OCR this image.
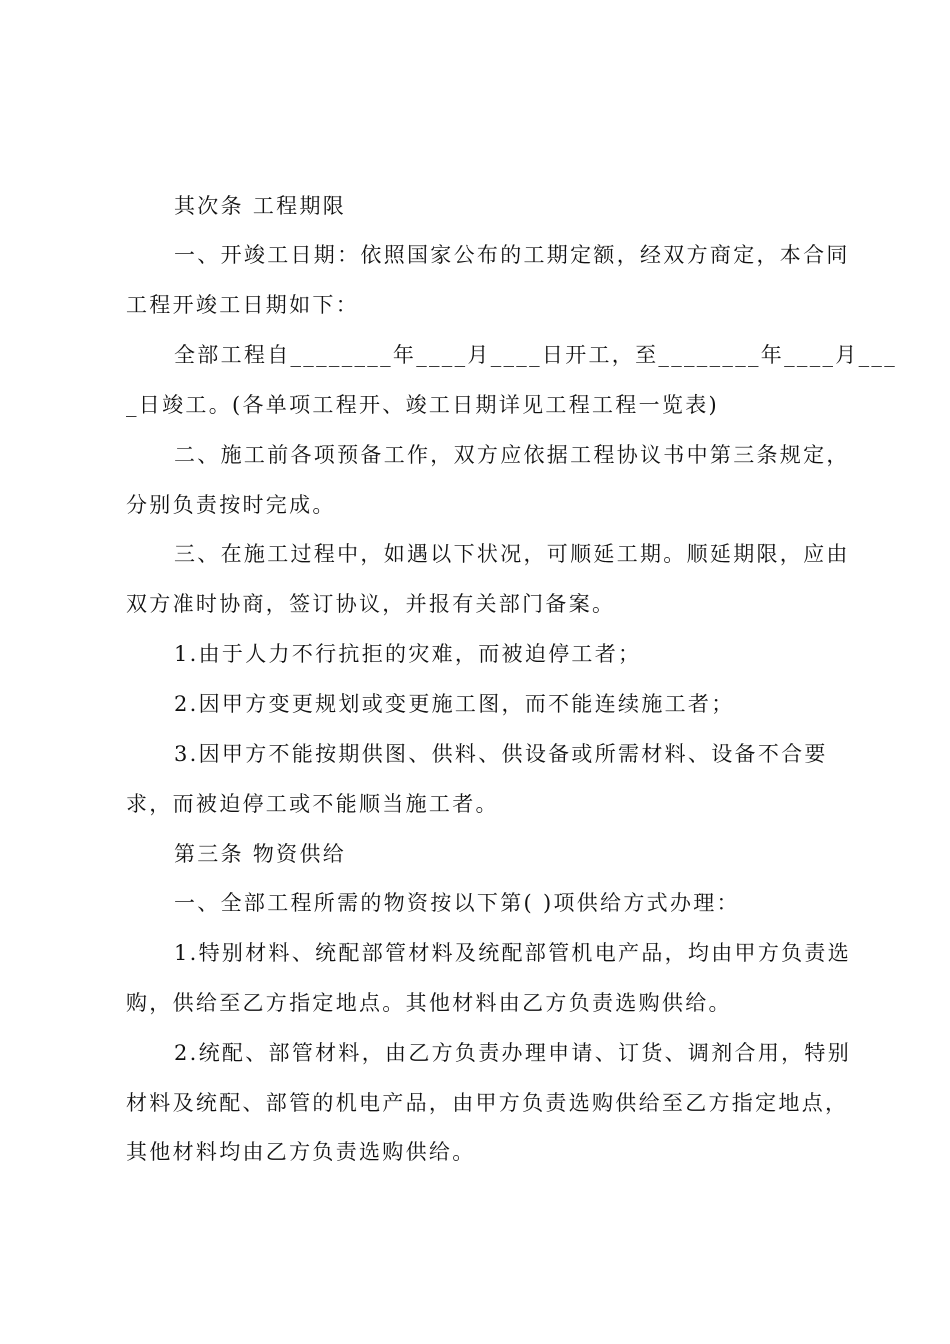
其次条 工程期限
一、开竣工日期：依照国家公布的工期定额，经双方商定，本合同
工程开竣工日期如下：
全部工程自________年____月____日开工，至________年____月___
_日竣工。(各单项工程开、竣工日期详见工程工程一览表)
二、施工前各项预备工作，双方应依据工程协议书中第三条规定，
分别负责按时完成。
三、在施工过程中，如遇以下状况，可顺延工期。顺延期限，应由
双方准时协商，签订协议，并报有关部门备案。
1.由于人力不行抗拒的灾难，而被迫停工者；
2.因甲方变更规划或变更施工图，而不能连续施工者；
3.因甲方不能按期供图、供料、供设备或所需材料、设备不合要
求，而被迫停工或不能顺当施工者。
第三条 物资供给
一、全部工程所需的物资按以下第( )项供给方式办理：
1.特别材料、统配部管材料及统配部管机电产品，均由甲方负责选
购，供给至乙方指定地点。其他材料由乙方负责选购供给。
2.统配、部管材料，由乙方负责办理申请、订货、调剂合用，特别
材料及统配、部管的机电产品，由甲方负责选购供给至乙方指定地点，
其他材料均由乙方负责选购供给。
